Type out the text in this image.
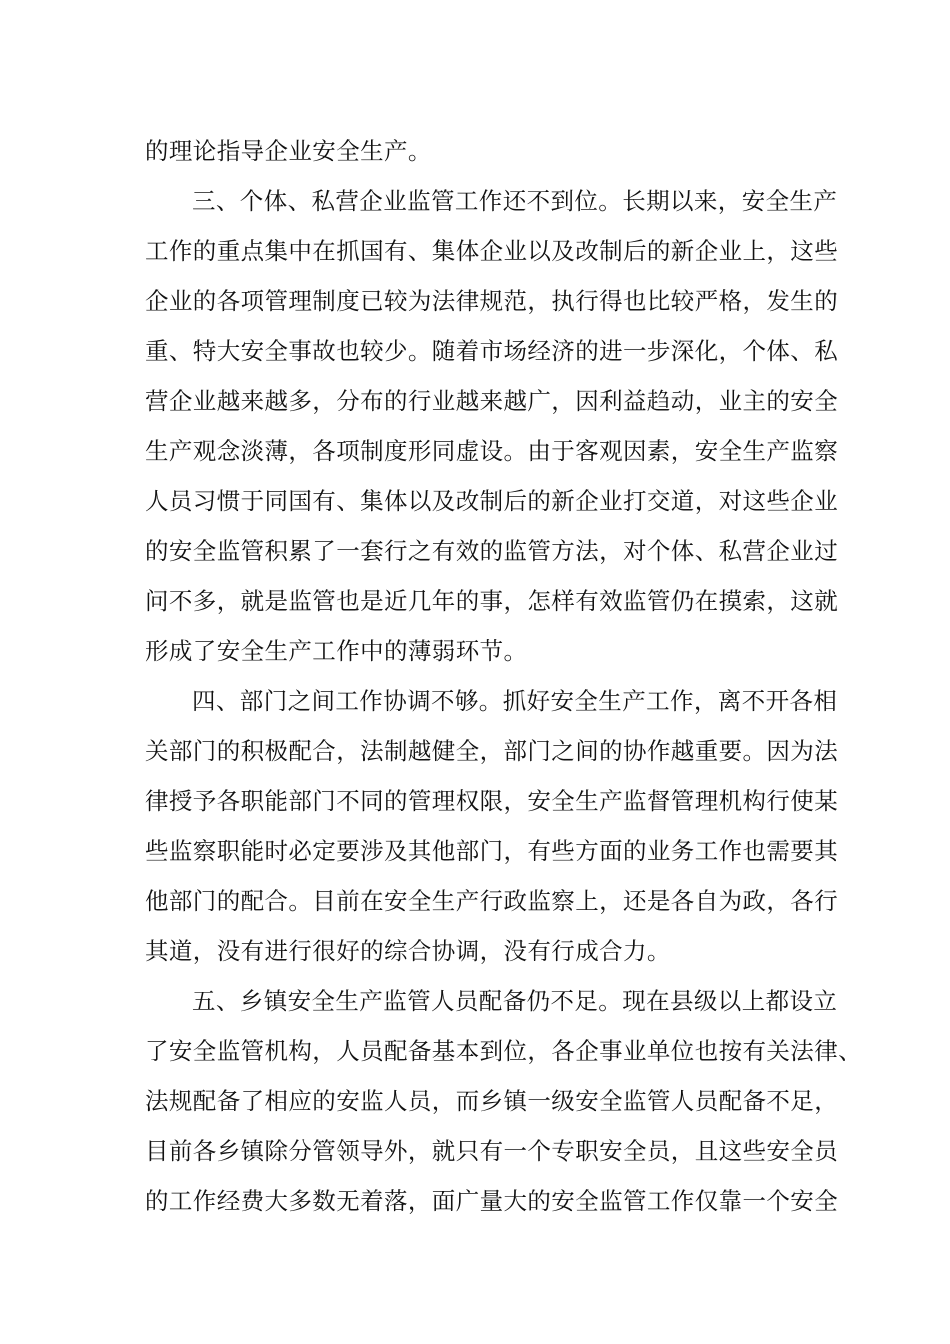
的理论指导企业安全生产。
三、个体、私营企业监管工作还不到位。长期以来，安全生产
工作的重点集中在抓国有、集体企业以及改制后的新企业上，这些
企业的各项管理制度已较为法律规范，执行得也比较严格，发生的
重、特大安全事故也较少。随着市场经济的进一步深化，个体、私
营企业越来越多，分布的行业越来越广，因利益趋动，业主的安全
生产观念淡薄，各项制度形同虚设。由于客观因素，安全生产监察
人员习惯于同国有、集体以及改制后的新企业打交道，对这些企业
的安全监管积累了一套行之有效的监管方法，对个体、私营企业过
问不多，就是监管也是近几年的事，怎样有效监管仍在摸索，这就
形成了安全生产工作中的薄弱环节。
四、部门之间工作协调不够。抓好安全生产工作，离不开各相
关部门的积极配合，法制越健全，部门之间的协作越重要。因为法
律授予各职能部门不同的管理权限，安全生产监督管理机构行使某
些监察职能时必定要涉及其他部门，有些方面的业务工作也需要其
他部门的配合。目前在安全生产行政监察上，还是各自为政，各行
其道，没有进行很好的综合协调，没有行成合力。
五、乡镇安全生产监管人员配备仍不足。现在县级以上都设立
了安全监管机构，人员配备基本到位，各企事业单位也按有关法律、
法规配备了相应的安监人员，而乡镇一级安全监管人员配备不足，
目前各乡镇除分管领导外，就只有一个专职安全员，且这些安全员
的工作经费大多数无着落，面广量大的安全监管工作仅靠一个安全
